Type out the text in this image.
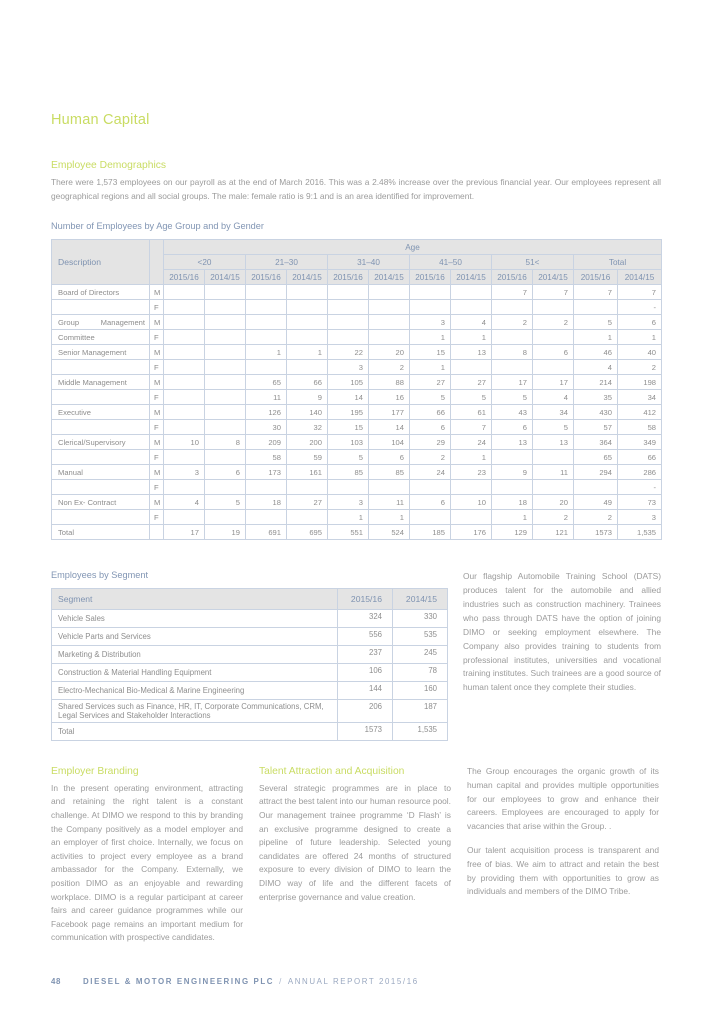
Human Capital
Employee Demographics

There were 1,573 employees on our payroll as at the end of March 2016. This was a 2.48% increase over the previous financial year. Our employees represent all geographical regions and all social groups. The male: female ratio is 9:1 and is an area identified for improvement.

Number of Employees by Age Group and by Gender
Description		Age											
		<20		21–30		31–40		41–50		51<		Total	
		2015/16	2014/15	2015/16	2014/15	2015/16	2014/15	2015/16	2014/15	2015/16	2014/15	2015/16	2014/15
Board of Directors	M									7	7	7	7
	F												-

Group Management	M							3	4	2	2	5	6
Committee	F							1	1			1	1
Senior Management	M			1	1	22	20	15	13	8	6	46	40
	F					3	2	1				4	2
Middle Management	M			65	66	105	88	27	27	17	17	214	198
	F			11	9	14	16	5	5	5	4	35	34
Executive	M			126	140	195	177	66	61	43	34	430	412
	F			30	32	15	14	6	7	6	5	57	58
Clerical/Supervisory	M	10	8	209	200	103	104	29	24	13	13	364	349
	F			58	59	5	6	2	1			65	66
Manual	M	3	6	173	161	85	85	24	23	9	11	294	286
	F												-
Non Ex- Contract	M	4	5	18	27	3	11	6	10	18	20	49	73
	F					1	1			1	2	2	3
Total		17	19	691	695	551	524	185	176	129	121	1573	1,535
Employees by Segment
Segment	2015/16	2014/15
Vehicle Sales	324	330
Vehicle Parts and Services	556	535
Marketing & Distribution	237	245
Construction & Material Handling Equipment	106	78
Electro-Mechanical Bio-Medical & Marine Engineering	144	160
Shared Services such as Finance, HR, IT, Corporate Communications, CRM, Legal Services and Stakeholder Interactions	206	187
Total	1573	1,535

Our flagship Automobile Training School (DATS) produces talent for the automobile and allied industries such as construction machinery. Trainees who pass through DATS have the option of joining DIMO or seeking employment elsewhere. The Company also provides training to students from professional institutes, universities and vocational training institutes. Such trainees are a good source of human talent once they complete their studies.

Employer Branding

In the present operating environment, attracting and retaining the right talent is a constant challenge. At DIMO we respond to this by branding the Company positively as a model employer and an employer of first choice. Internally, we focus on activities to project every employee as a brand ambassador for the Company. Externally, we position DIMO as an enjoyable and rewarding workplace. DIMO is a regular participant at career fairs and career guidance programmes while our Facebook page remains an important medium for communication with prospective candidates.

Talent Attraction and Acquisition

Several strategic programmes are in place to attract the best talent into our human resource pool. Our management trainee programme ‘D Flash’ is an exclusive programme designed to create a pipeline of future leadership. Selected young candidates are offered 24 months of structured exposure to every division of DIMO to learn the DIMO way of life and the different facets of enterprise governance and value creation.

The Group encourages the organic growth of its human capital and provides multiple opportunities for our employees to grow and enhance their careers. Employees are encouraged to apply for vacancies that arise within the Group. .

Our talent acquisition process is transparent and free of bias. We aim to attract and retain the best by providing them with opportunities to grow as individuals and members of the DIMO Tribe.

48	DIESEL & MOTOR ENGINEERING PLC / ANNUAL REPORT 2015/16
